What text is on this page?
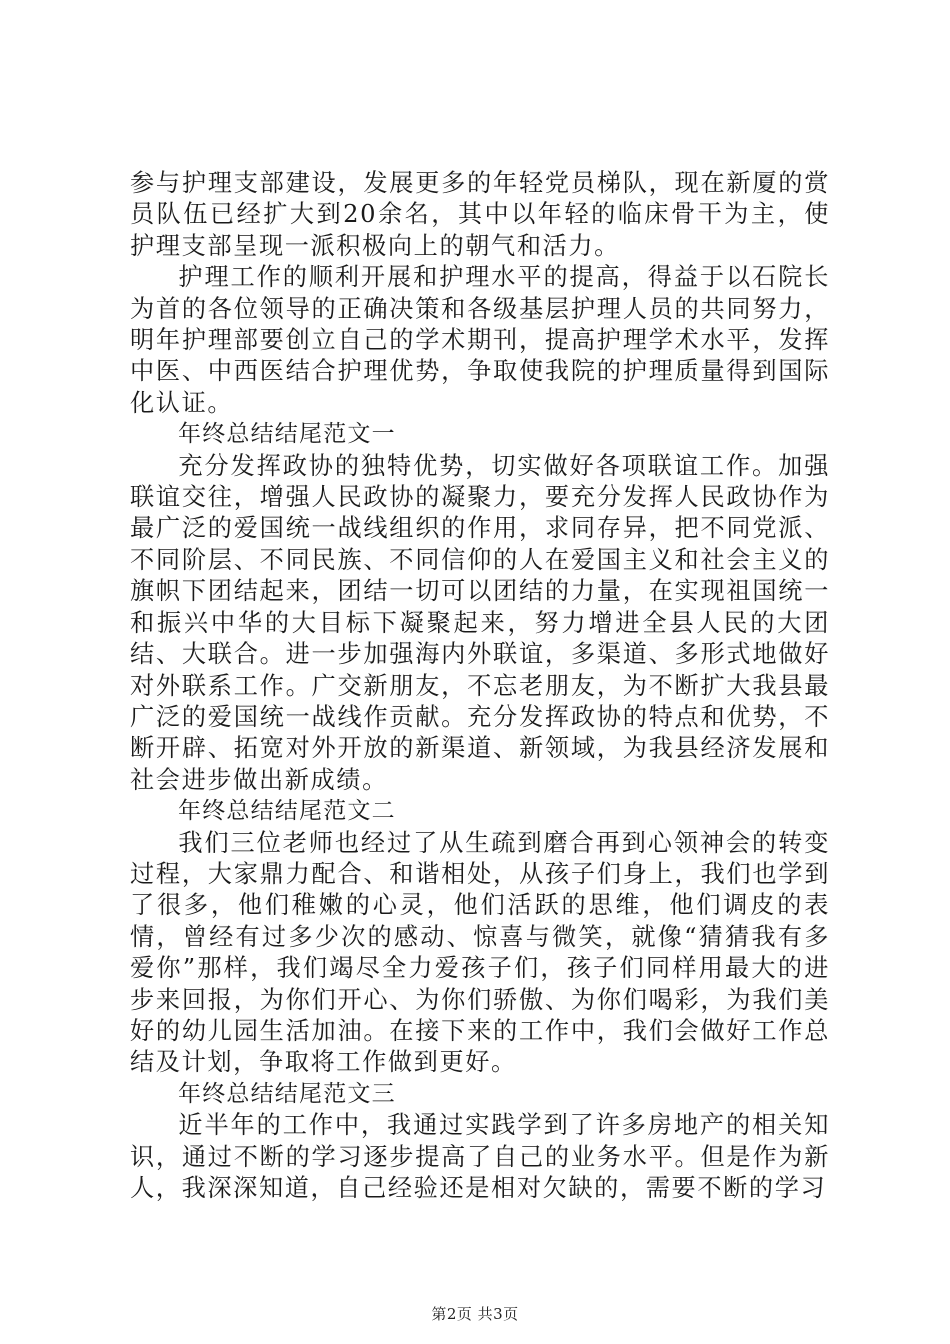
参与护理支部建设，发展更多的年轻党员梯队，现在新厦的赏员队伍已经扩大到20余名，其中以年轻的临床骨干为主，使护理支部呈现一派积极向上的朝气和活力。

护理工作的顺利开展和护理水平的提高，得益于以石院长为首的各位领导的正确决策和各级基层护理人员的共同努力，明年护理部要创立自己的学术期刊，提高护理学术水平，发挥中医、中西医结合护理优势，争取使我院的护理质量得到国际化认证。

年终总结结尾范文一

充分发挥政协的独特优势，切实做好各项联谊工作。加强联谊交往，增强人民政协的凝聚力，要充分发挥人民政协作为最广泛的爱国统一战线组织的作用，求同存异，把不同党派、不同阶层、不同民族、不同信仰的人在爱国主义和社会主义的旗帜下团结起来，团结一切可以团结的力量，在实现祖国统一和振兴中华的大目标下凝聚起来，努力增进全县人民的大团结、大联合。进一步加强海内外联谊，多渠道、多形式地做好对外联系工作。广交新朋友，不忘老朋友，为不断扩大我县最广泛的爱国统一战线作贡献。充分发挥政协的特点和优势，不断开辟、拓宽对外开放的新渠道、新领域，为我县经济发展和社会进步做出新成绩。

年终总结结尾范文二

我们三位老师也经过了从生疏到磨合再到心领神会的转变过程，大家鼎力配合、和谐相处，从孩子们身上，我们也学到了很多，他们稚嫩的心灵，他们活跃的思维，他们调皮的表情，曾经有过多少次的感动、惊喜与微笑，就像“猜猜我有多爱你”那样，我们竭尽全力爱孩子们，孩子们同样用最大的进步来回报，为你们开心、为你们骄傲、为你们喝彩，为我们美好的幼儿园生活加油。在接下来的工作中，我们会做好工作总结及计划，争取将工作做到更好。

年终总结结尾范文三

近半年的工作中，我通过实践学到了许多房地产的相关知识，通过不断的学习逐步提高了自己的业务水平。但是作为新人，我深深知道，自己经验还是相对欠缺的，需要不断的学习

第2页 共3页
